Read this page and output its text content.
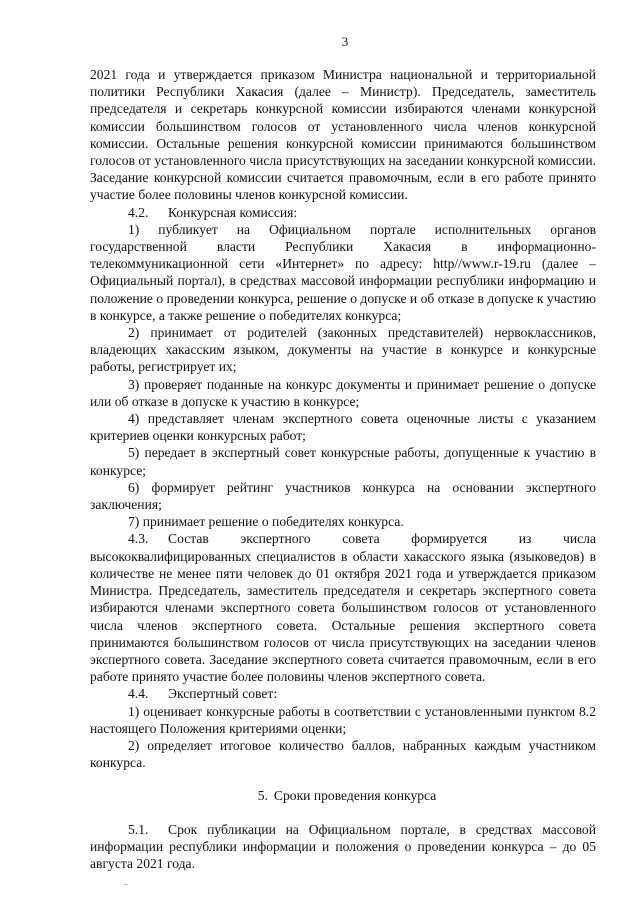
3

2021 года и утверждается приказом Министра национальной и территориальной политики Республики Хакасия (далее – Министр). Председатель, заместитель председателя и секретарь конкурсной комиссии избираются членами конкурсной комиссии большинством голосов от установленного числа членов конкурсной комиссии. Остальные решения конкурсной комиссии принимаются большинством голосов от установленного числа присутствующих на заседании конкурсной комиссии. Заседание конкурсной комиссии считается правомочным, если в его работе принято участие более половины членов конкурсной комиссии.

4.2. Конкурсная комиссия:

1) публикует на Официальном портале исполнительных органов государственной власти Республики Хакасия в информационно-телекоммуникационной сети «Интернет» по адресу: http//www.r-19.ru (далее – Официальный портал), в средствах массовой информации республики информацию и положение о проведении конкурса, решение о допуске и об отказе в допуске к участию в конкурсе, а также решение о победителях конкурса;

2) принимает от родителей (законных представителей) нервоклассников, владеющих хакасским языком, документы на участие в конкурсе и конкурсные работы, регистрирует их;

3) проверяет поданные на конкурс документы и принимает решение о допуске или об отказе в допуске к участию в конкурсе;

4) представляет членам экспертного совета оценочные листы с указанием критериев оценки конкурсных работ;

5) передает в экспертный совет конкурсные работы, допущенные к участию в конкурсе;

6) формирует рейтинг участников конкурса на основании экспертного заключения;

7) принимает решение о победителях конкурса.

4.3. Состав экспертного совета формируется из числа высококвалифицированных специалистов в области хакасского языка (языковедов) в количестве не менее пяти человек до 01 октября 2021 года и утверждается приказом Министра. Председатель, заместитель председателя и секретарь экспертного совета избираются членами экспертного совета большинством голосов от установленного числа членов экспертного совета. Остальные решения экспертного совета принимаются большинством голосов от числа присутствующих на заседании членов экспертного совета. Заседание экспертного совета считается правомочным, если в его работе принято участие более половины членов экспертного совета.

4.4. Экспертный совет:

1) оценивает конкурсные работы в соответствии с установленными пунктом 8.2 настоящего Положения критериями оценки;

2) определяет итоговое количество баллов, набранных каждым участником конкурса.

5. Сроки проведения конкурса

5.1. Срок публикации на Официальном портале, в средствах массовой информации республики информации и положения о проведении конкурса – до 05 августа 2021 года.
